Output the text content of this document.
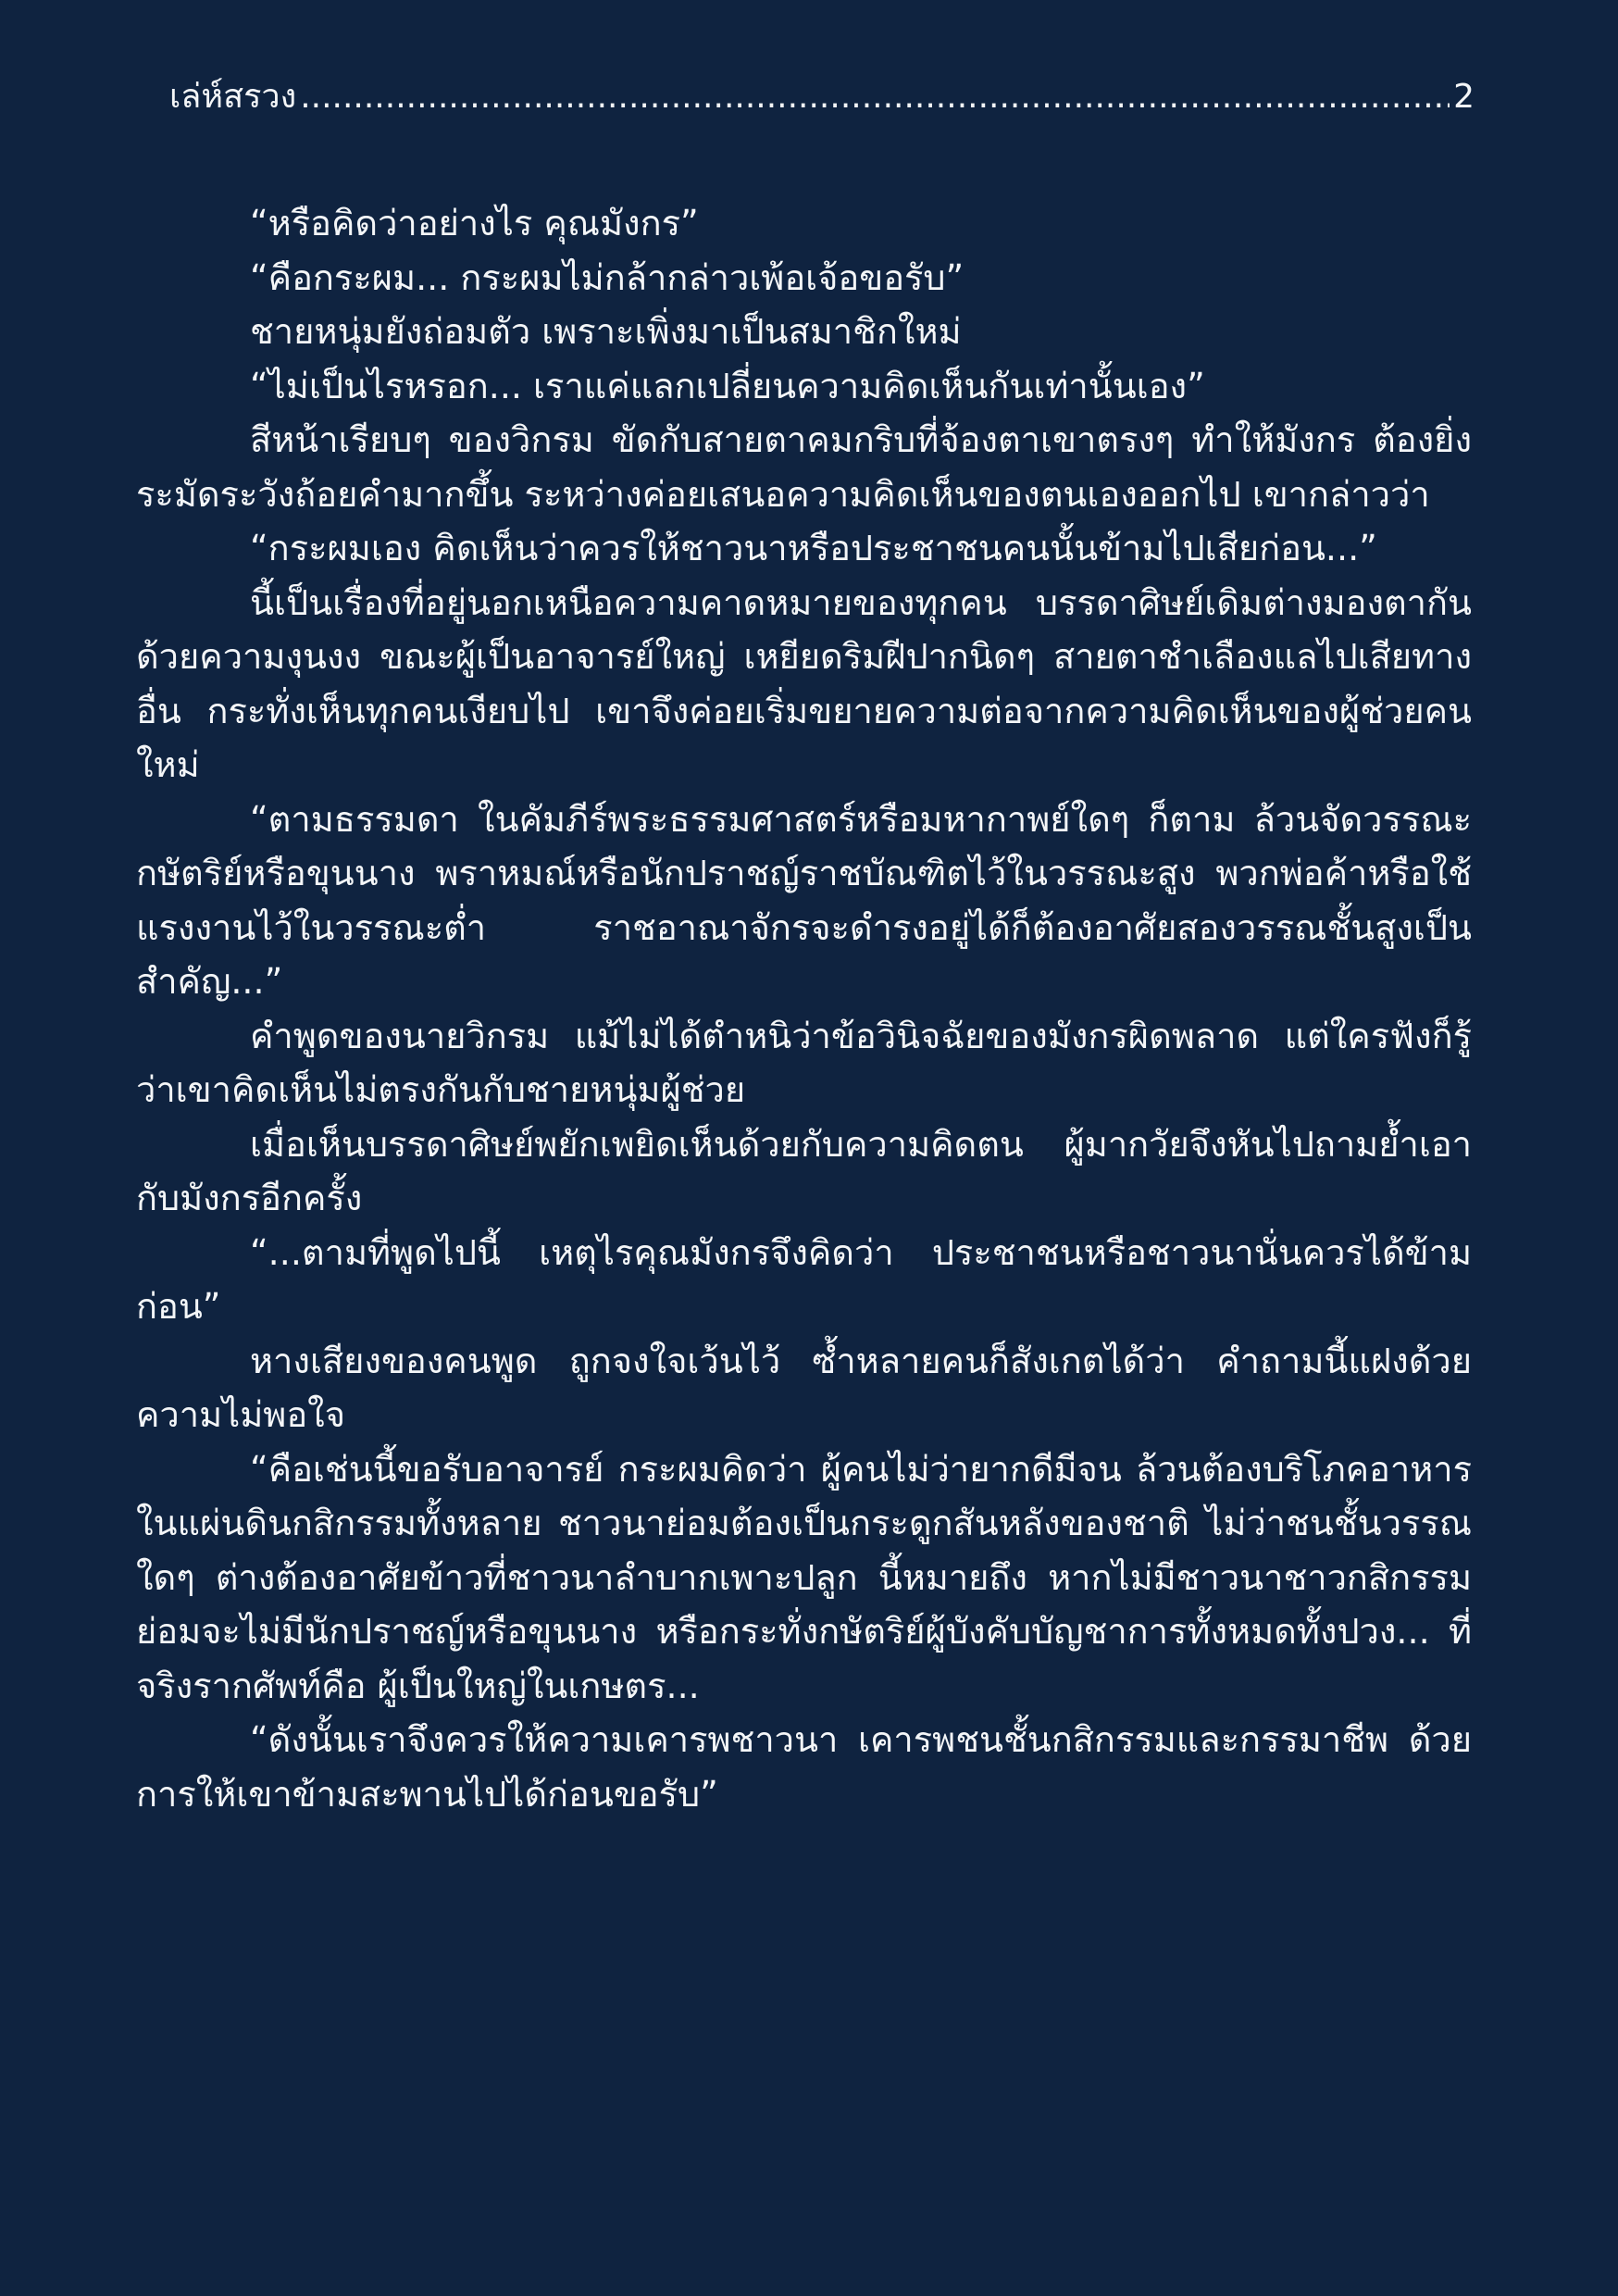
เล่ห์สรวง
.....	2

“หรือคิดว่าอย่างไร คุณมังกร”

“คือกระผม... กระผมไม่กล้ากล่าวเพ้อเจ้อขอรับ”

ชายหนุ่มยังถ่อมตัว เพราะเพิ่งมาเป็นสมาชิกใหม่

“ไม่เป็นไรหรอก... เราแค่แลกเปลี่ยนความคิดเห็นกันเท่านั้นเอง”

สีหน้าเรียบๆ ของวิกรม ขัดกับสายตาคมกริบที่จ้องตาเขาตรงๆ ทำให้มังกร ต้องยิ่งระมัดระวังถ้อยคำมากขึ้น ระหว่างค่อยเสนอความคิดเห็นของตนเองออกไป เขากล่าวว่า

“กระผมเอง คิดเห็นว่าควรให้ชาวนาหรือประชาชนคนนั้นข้ามไปเสียก่อน...”

นี้เป็นเรื่องที่อยู่นอกเหนือความคาดหมายของทุกคน บรรดาศิษย์เดิมต่างมองตากัน ด้วยความงุนงง ขณะผู้เป็นอาจารย์ใหญ่ เหยียดริมฝีปากนิดๆ สายตาชำเลืองแลไปเสียทางอื่น กระทั่งเห็นทุกคนเงียบไป เขาจึงค่อยเริ่มขยายความต่อจากความคิดเห็นของผู้ช่วยคนใหม่

“ตามธรรมดา ในคัมภีร์พระธรรมศาสตร์หรือมหากาพย์ใดๆ ก็ตาม ล้วนจัดวรรณะกษัตริย์หรือขุนนาง พราหมณ์หรือนักปราชญ์ราชบัณฑิตไว้ในวรรณะสูง พวกพ่อค้าหรือใช้แรงงานไว้ในวรรณะต่ำ ราชอาณาจักรจะดำรงอยู่ได้ก็ต้องอาศัยสองวรรณชั้นสูงเป็นสำคัญ...”

คำพูดของนายวิกรม แม้ไม่ได้ตำหนิว่าข้อวินิจฉัยของมังกรผิดพลาด แต่ใครฟังก็รู้ว่าเขาคิดเห็นไม่ตรงกันกับชายหนุ่มผู้ช่วย

เมื่อเห็นบรรดาศิษย์พยักเพยิดเห็นด้วยกับความคิดตน ผู้มากวัยจึงหันไปถามย้ำเอากับมังกรอีกครั้ง

“...ตามที่พูดไปนี้ เหตุไรคุณมังกรจึงคิดว่า ประชาชนหรือชาวนานั่นควรได้ข้ามก่อน”

หางเสียงของคนพูด ถูกจงใจเว้นไว้ ซ้ำหลายคนก็สังเกตได้ว่า คำถามนี้แฝงด้วยความไม่พอใจ

“คือเช่นนี้ขอรับอาจารย์ กระผมคิดว่า ผู้คนไม่ว่ายากดีมีจน ล้วนต้องบริโภคอาหารในแผ่นดินกสิกรรมทั้งหลาย ชาวนาย่อมต้องเป็นกระดูกสันหลังของชาติ ไม่ว่าชนชั้นวรรณใดๆ ต่างต้องอาศัยข้าวที่ชาวนาลำบากเพาะปลูก นี้หมายถึง หากไม่มีชาวนาชาวกสิกรรมย่อมจะไม่มีนักปราชญ์หรือขุนนาง หรือกระทั่งกษัตริย์ผู้บังคับบัญชาการทั้งหมดทั้งปวง... ที่จริงรากศัพท์คือ ผู้เป็นใหญ่ในเกษตร...

“ดังนั้นเราจึงควรให้ความเคารพชาวนา เคารพชนชั้นกสิกรรมและกรรมาชีพ ด้วยการให้เขาข้ามสะพานไปได้ก่อนขอรับ”
